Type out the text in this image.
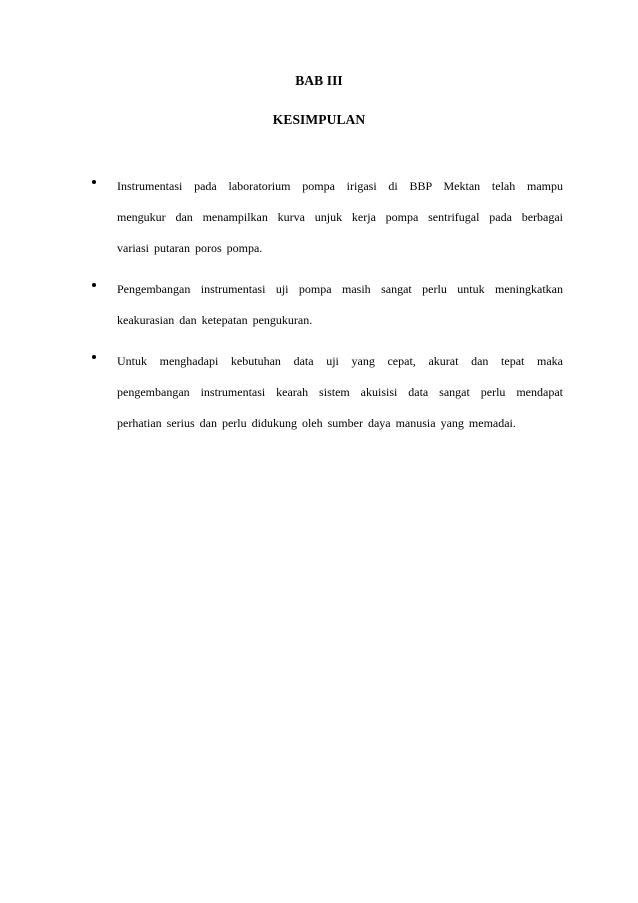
BAB III
KESIMPULAN
Instrumentasi pada laboratorium pompa irigasi di BBP Mektan telah mampu
mengukur dan menampilkan kurva unjuk kerja pompa sentrifugal pada berbagai
variasi putaran poros pompa.
Pengembangan instrumentasi uji pompa masih sangat perlu untuk meningkatkan
keakurasian dan ketepatan pengukuran.
Untuk menghadapi kebutuhan data uji yang cepat, akurat dan tepat maka
pengembangan instrumentasi kearah sistem akuisisi data sangat perlu mendapat
perhatian serius dan perlu didukung oleh sumber daya manusia yang memadai.
